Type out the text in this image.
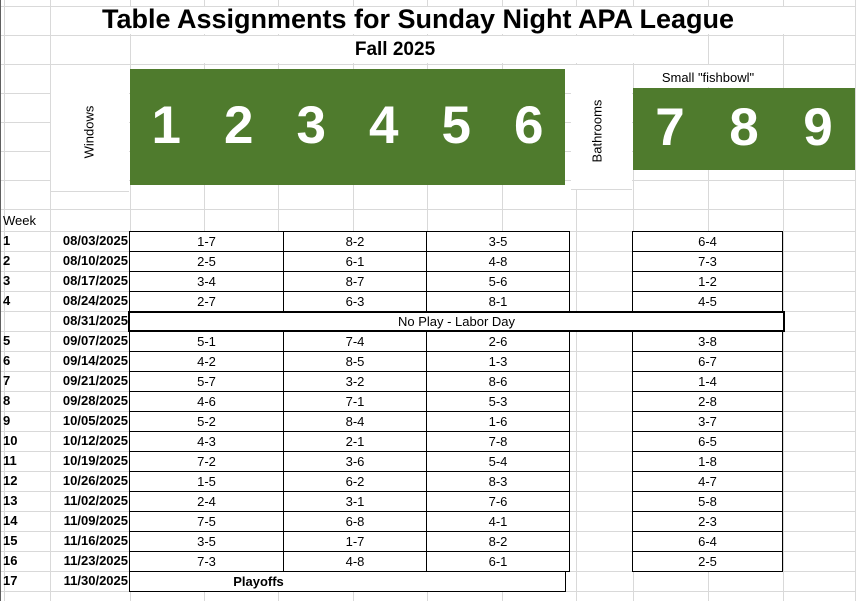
1 2 3 4 5 6	7 8 9
Table Assignments for Sunday Night APA League
Fall 2025
Small "fishbowl"
Windows	Bathrooms
Week
1	08/03/2025	1-7	8-2	3-5	6-4
2	08/10/2025	2-5	6-1	4-8	7-3
3	08/17/2025	3-4	8-7	5-6	1-2
4	08/24/2025	2-7	6-3	8-1	4-5
08/31/2025	No Play - Labor Day
5	09/07/2025	5-1	7-4	2-6	3-8
6	09/14/2025	4-2	8-5	1-3	6-7
7	09/21/2025	5-7	3-2	8-6	1-4
8	09/28/2025	4-6	7-1	5-3	2-8
9	10/05/2025	5-2	8-4	1-6	3-7
10	10/12/2025	4-3	2-1	7-8	6-5
11	10/19/2025	7-2	3-6	5-4	1-8
12	10/26/2025	1-5	6-2	8-3	4-7
13	11/02/2025	2-4	3-1	7-6	5-8
14	11/09/2025	7-5	6-8	4-1	2-3
15	11/16/2025	3-5	1-7	8-2	6-4
16	11/23/2025	7-3	4-8	6-1	2-5
17	11/30/2025	Playoffs
